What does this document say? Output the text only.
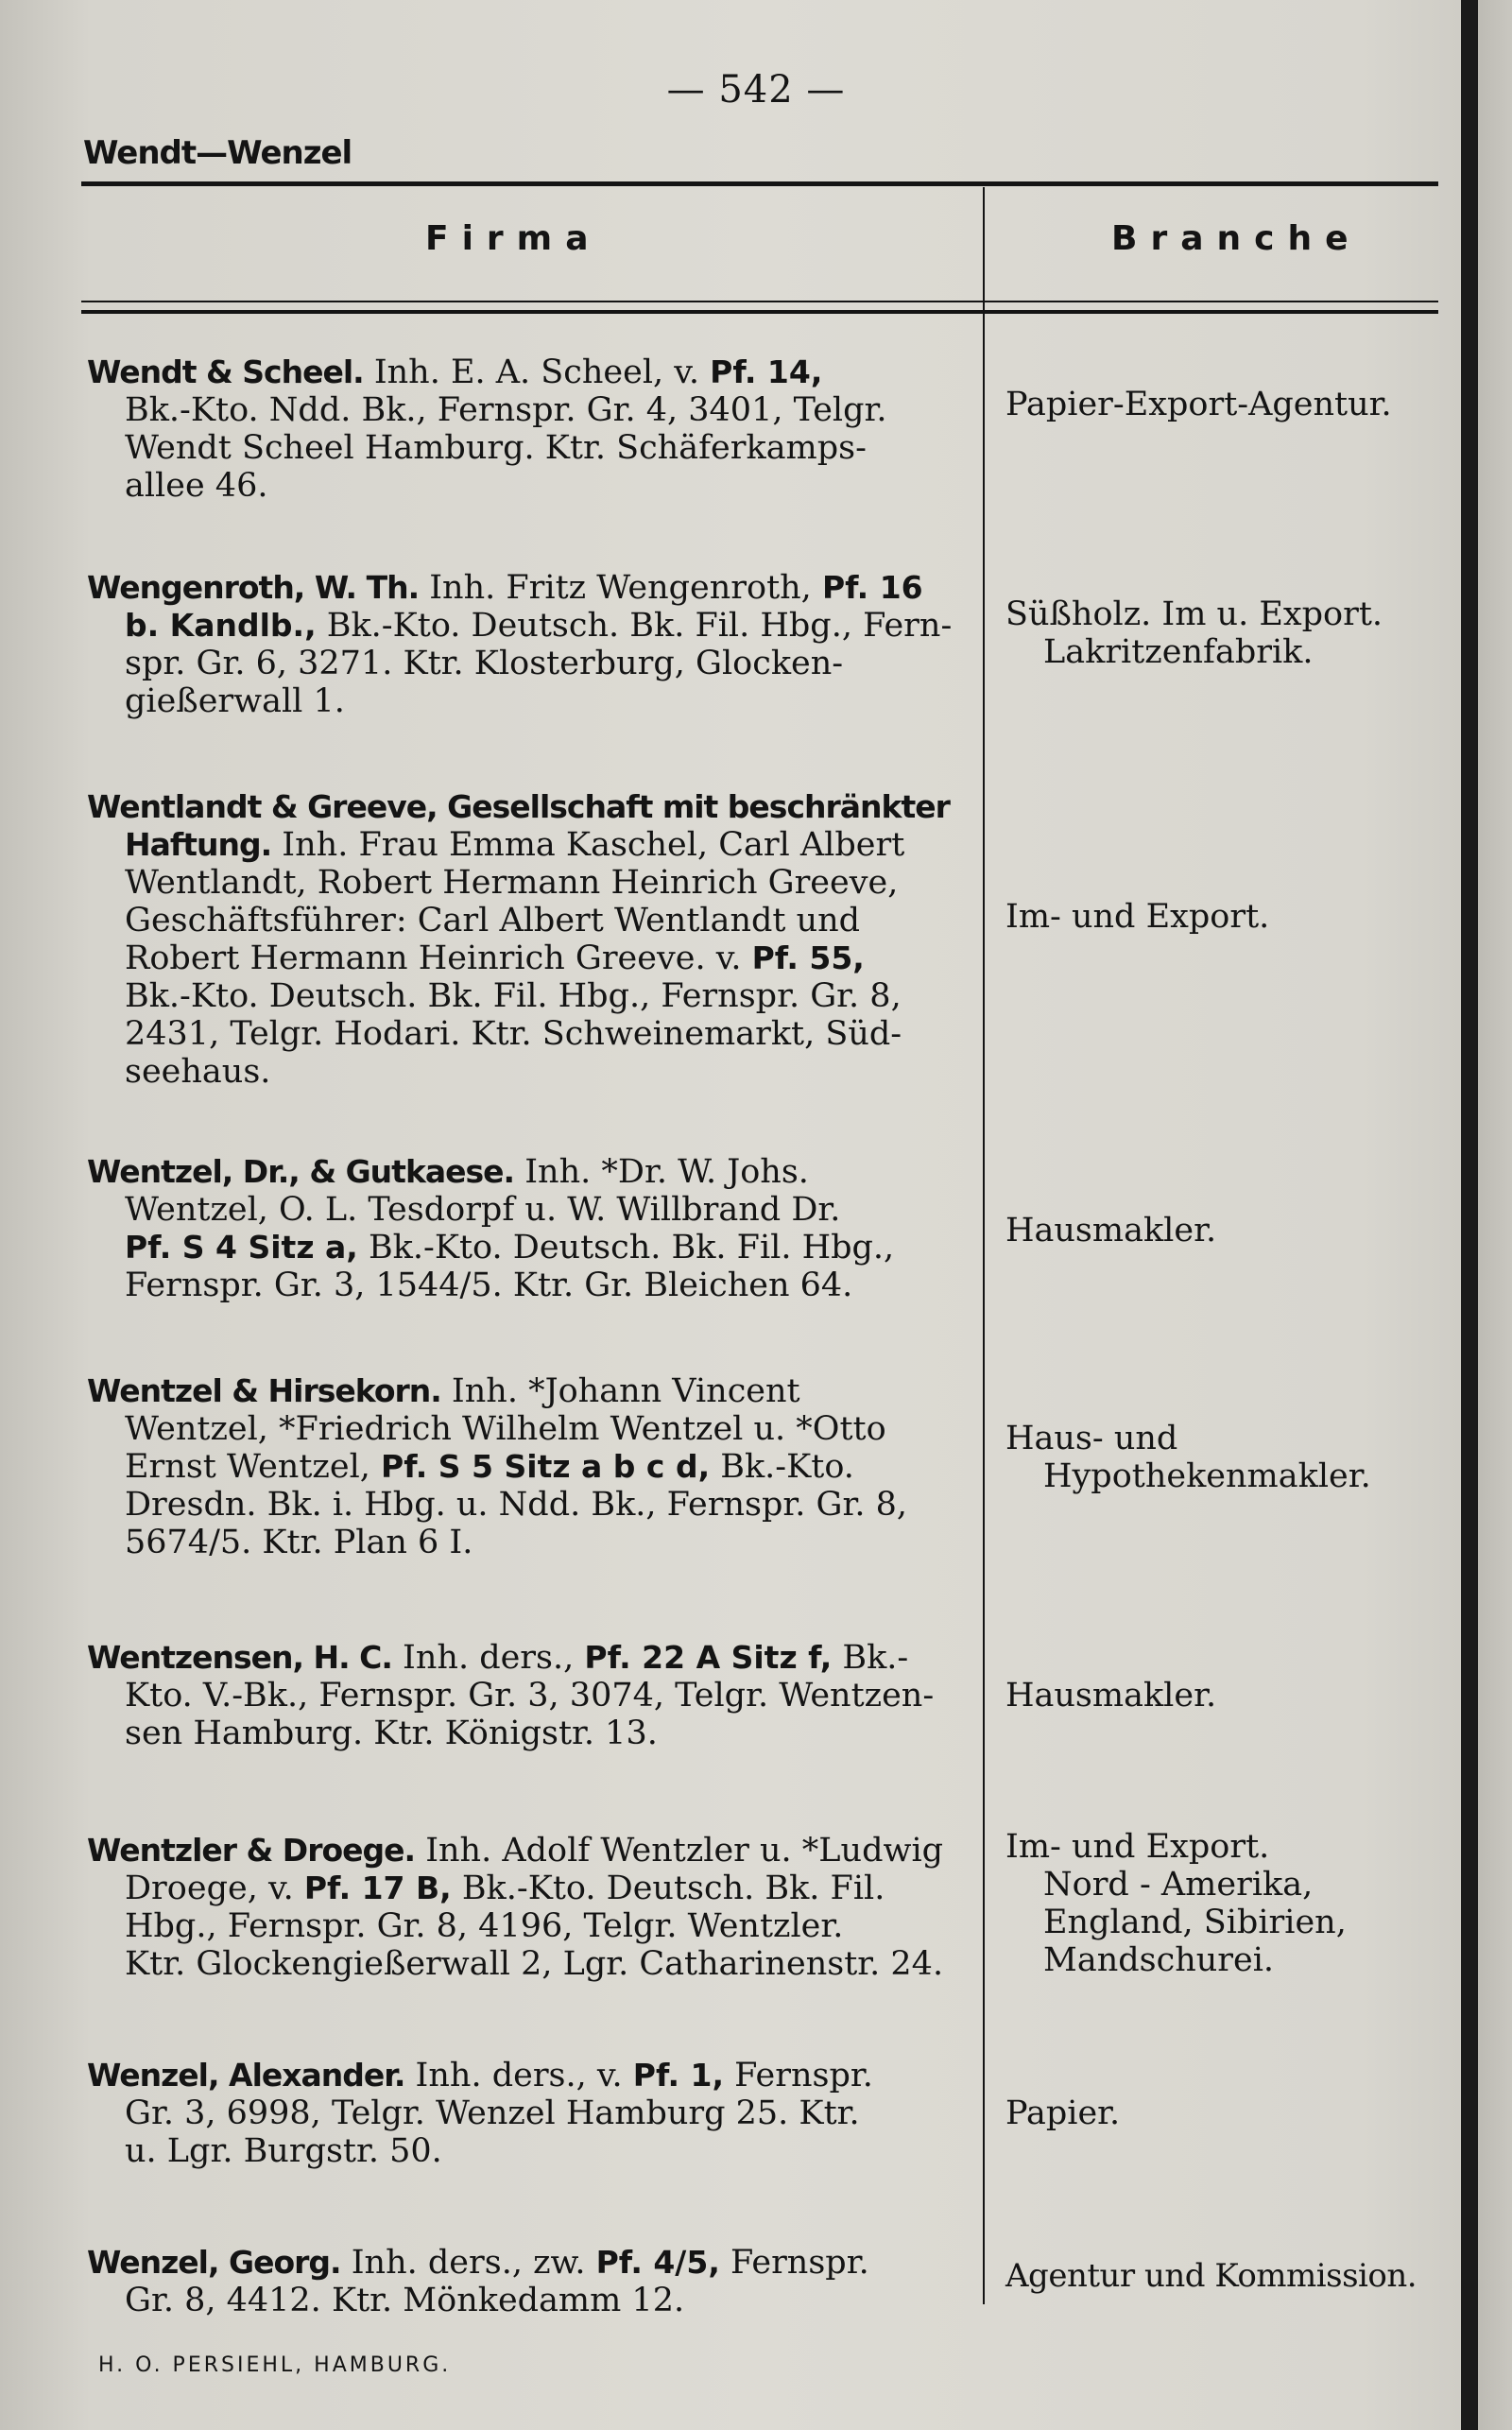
— 542 —
Wendt—Wenzel
Firma	Branche
Wendt & Scheel. Inh. E. A. Scheel, v. Pf. 14,
Bk.-Kto. Ndd. Bk., Fernspr. Gr. 4, 3401, Telgr.
Wendt Scheel Hamburg. Ktr. Schäferkamps-
allee 46.
Papier-Export-Agentur.
Wengenroth, W. Th. Inh. Fritz Wengenroth, Pf. 16
b. Kandlb., Bk.-Kto. Deutsch. Bk. Fil. Hbg., Fern-
spr. Gr. 6, 3271. Ktr. Klosterburg, Glocken-
gießerwall 1.
Süßholz. Im u. Export.
Lakritzenfabrik.
Wentlandt & Greeve, Gesellschaft mit beschränkter
Haftung. Inh. Frau Emma Kaschel, Carl Albert
Wentlandt, Robert Hermann Heinrich Greeve,
Geschäftsführer: Carl Albert Wentlandt und
Robert Hermann Heinrich Greeve. v. Pf. 55,
Bk.-Kto. Deutsch. Bk. Fil. Hbg., Fernspr. Gr. 8,
2431, Telgr. Hodari. Ktr. Schweinemarkt, Süd-
seehaus.
Im- und Export.
Wentzel, Dr., & Gutkaese. Inh. *Dr. W. Johs.
Wentzel, O. L. Tesdorpf u. W. Willbrand Dr.
Pf. S 4 Sitz a, Bk.-Kto. Deutsch. Bk. Fil. Hbg.,
Fernspr. Gr. 3, 1544/5. Ktr. Gr. Bleichen 64.
Hausmakler.
Wentzel & Hirsekorn. Inh. *Johann Vincent
Wentzel, *Friedrich Wilhelm Wentzel u. *Otto
Ernst Wentzel, Pf. S 5 Sitz a b c d, Bk.-Kto.
Dresdn. Bk. i. Hbg. u. Ndd. Bk., Fernspr. Gr. 8,
5674/5. Ktr. Plan 6 I.
Haus- und
Hypothekenmakler.
Wentzensen, H. C. Inh. ders., Pf. 22 A Sitz f, Bk.-
Kto. V.-Bk., Fernspr. Gr. 3, 3074, Telgr. Wentzen-
sen Hamburg. Ktr. Königstr. 13.
Hausmakler.
Wentzler & Droege. Inh. Adolf Wentzler u. *Ludwig
Droege, v. Pf. 17 B, Bk.-Kto. Deutsch. Bk. Fil.
Hbg., Fernspr. Gr. 8, 4196, Telgr. Wentzler.
Ktr. Glockengießerwall 2, Lgr. Catharinenstr. 24.
Im- und Export.
Nord - Amerika,
England, Sibirien,
Mandschurei.
Wenzel, Alexander. Inh. ders., v. Pf. 1, Fernspr.
Gr. 3, 6998, Telgr. Wenzel Hamburg 25. Ktr.
u. Lgr. Burgstr. 50.
Papier.
Wenzel, Georg. Inh. ders., zw. Pf. 4/5, Fernspr.
Gr. 8, 4412. Ktr. Mönkedamm 12.
Agentur und Kommission.
H. O. PERSIEHL, HAMBURG.
